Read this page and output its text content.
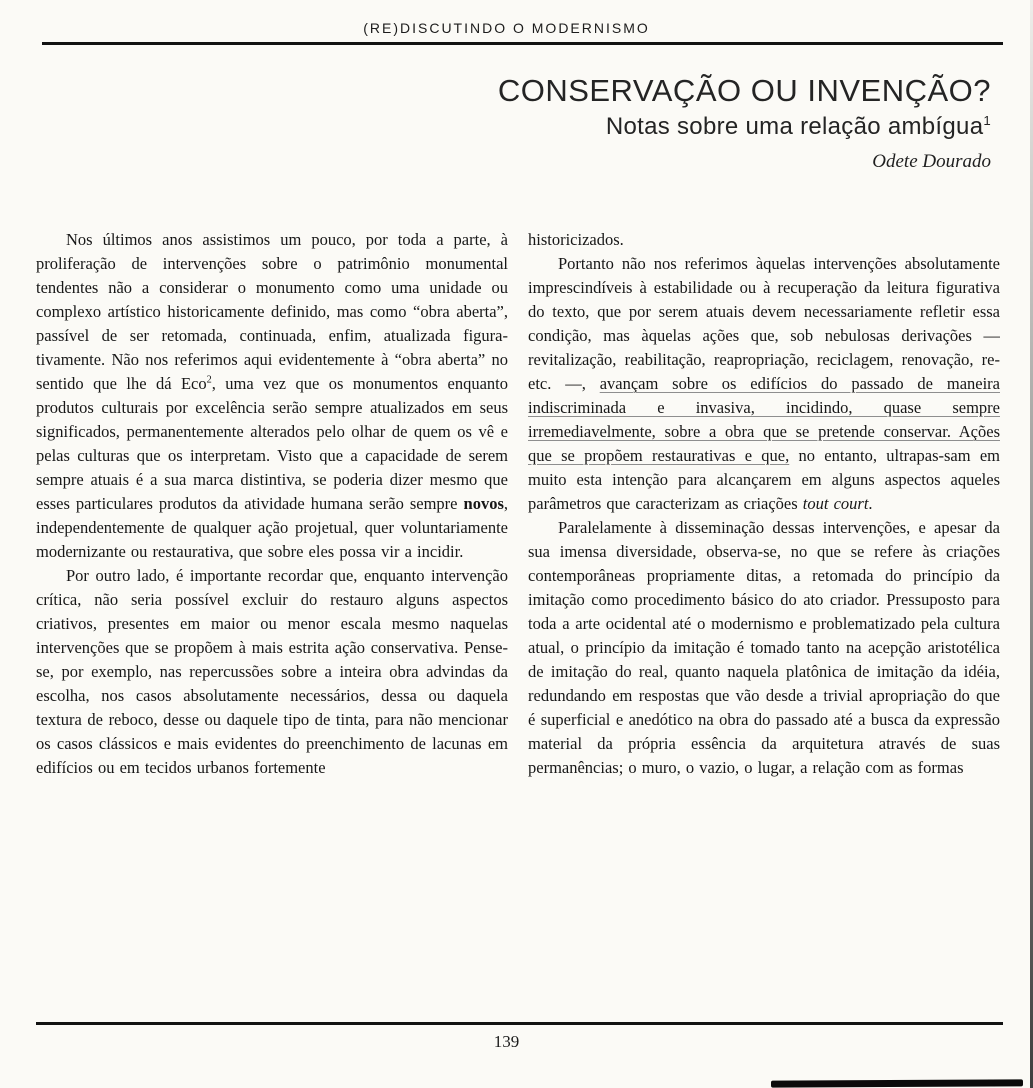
(RE)DISCUTINDO O MODERNISMO
CONSERVAÇÃO OU INVENÇÃO?
Notas sobre uma relação ambígua$^1$
Odete Dourado

Nos últimos anos assistimos um pouco, por toda a parte, à proliferação de intervenções sobre o patrimônio monumental tendentes não a considerar o monumento como uma unidade ou complexo artístico historicamente definido, mas como “obra aberta”, passível de ser retomada, continuada, enfim, atualizada figura-tivamente. Não nos referimos aqui evidentemente à “obra aberta” no sentido que lhe dá Eco$^2$, uma vez que os monumentos enquanto produtos culturais por excelência serão sempre atualizados em seus significados, permanentemente alterados pelo olhar de quem os vê e pelas culturas que os interpretam. Visto que a capacidade de serem sempre atuais é a sua marca distintiva, se poderia dizer mesmo que esses particulares produtos da atividade humana serão sempre novos, independentemente de qualquer ação projetual, quer voluntariamente modernizante ou restaurativa, que sobre eles possa vir a incidir.

Por outro lado, é importante recordar que, enquanto intervenção crítica, não seria possível excluir do restauro alguns aspectos criativos, presentes em maior ou menor escala mesmo naquelas intervenções que se propõem à mais estrita ação conservativa. Pense-se, por exemplo, nas repercussões sobre a inteira obra advindas da escolha, nos casos absolutamente necessários, dessa ou daquela textura de reboco, desse ou daquele tipo de tinta, para não mencionar os casos clássicos e mais evidentes do preenchimento de lacunas em edifícios ou em tecidos urbanos fortemente

historicizados.

Portanto não nos referimos àquelas intervenções absolutamente imprescindíveis à estabilidade ou à recuperação da leitura figurativa do texto, que por serem atuais devem necessariamente refletir essa condição, mas àquelas ações que, sob nebulosas derivações — revitalização, reabilitação, reapropriação, reciclagem, renovação, re-etc. —, avançam sobre os edifícios do passado de maneira indiscriminada e invasiva, incidindo, quase sempre irremediavelmente, sobre a obra que se pretende conservar. Ações que se propõem restaurativas e que, no entanto, ultrapas-sam em muito esta intenção para alcançarem em alguns aspectos aqueles parâmetros que caracterizam as criações tout court.

Paralelamente à disseminação dessas intervenções, e apesar da sua imensa diversidade, observa-se, no que se refere às criações contemporâneas propriamente ditas, a retomada do princípio da imitação como procedimento básico do ato criador. Pressuposto para toda a arte ocidental até o modernismo e problematizado pela cultura atual, o princípio da imitação é tomado tanto na acepção aristotélica de imitação do real, quanto naquela platônica de imitação da idéia, redundando em respostas que vão desde a trivial apropriação do que é superficial e anedótico na obra do passado até a busca da expressão material da própria essência da arquitetura através de suas permanências; o muro, o vazio, o lugar, a relação com as formas

139
